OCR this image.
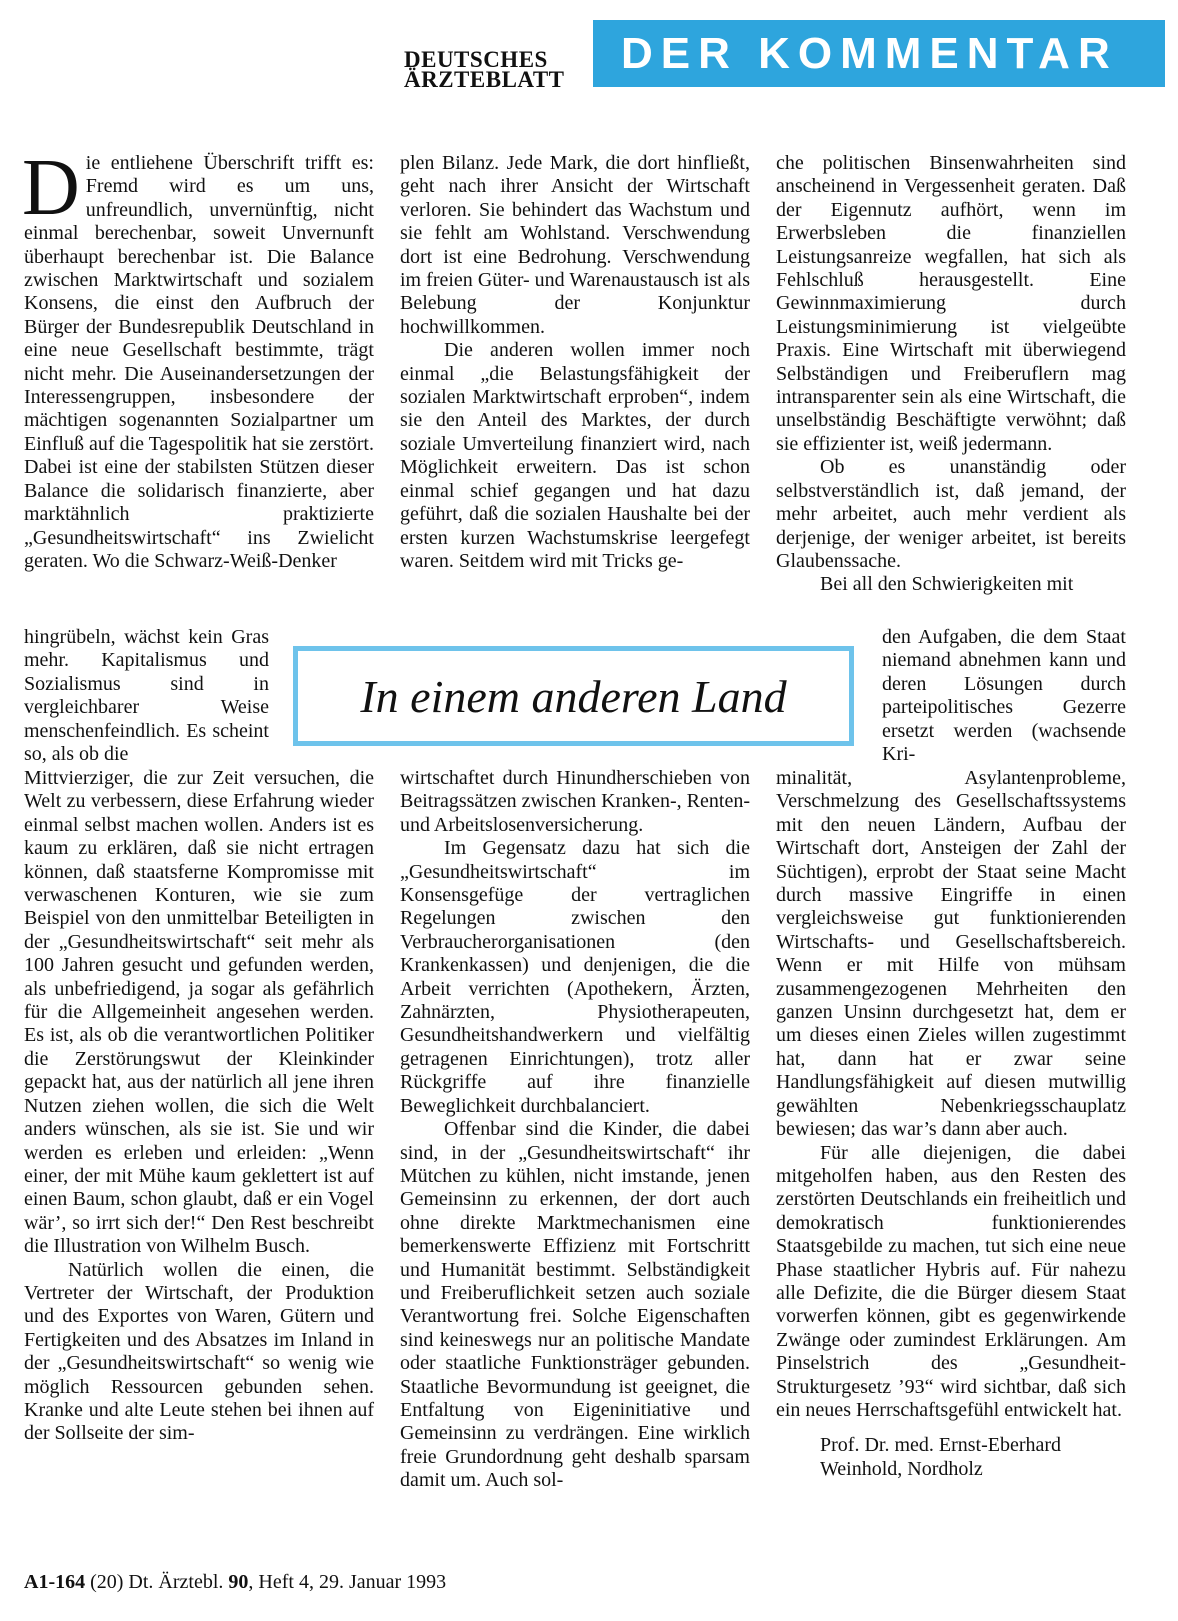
DEUTSCHES
ÄRZTEBLATT
DER KOMMENTAR

Die entliehene Überschrift trifft es: Fremd wird es um uns, unfreundlich, unvernünftig, nicht einmal berechenbar, soweit Unvernunft überhaupt berechenbar ist. Die Balance zwischen Marktwirtschaft und sozialem Konsens, die einst den Aufbruch der Bürger der Bundesrepublik Deutschland in eine neue Gesellschaft bestimmte, trägt nicht mehr. Die Auseinandersetzungen der Interessengruppen, insbesondere der mächtigen sogenannten Sozialpartner um Einfluß auf die Tagespolitik hat sie zerstört. Dabei ist eine der stabilsten Stützen dieser Balance die solidarisch finanzierte, aber marktähnlich praktizierte „Gesundheitswirtschaft“ ins Zwielicht geraten. Wo die Schwarz-Weiß-Denker

hingrübeln, wächst kein Gras mehr. Kapitalismus und Sozialismus sind in vergleichbarer Weise menschenfeindlich. Es scheint so, als ob die

Mittvierziger, die zur Zeit versuchen, die Welt zu verbessern, diese Erfahrung wieder einmal selbst machen wollen. Anders ist es kaum zu erklären, daß sie nicht ertragen können, daß staatsferne Kompromisse mit verwaschenen Konturen, wie sie zum Beispiel von den unmittelbar Beteiligten in der „Gesundheitswirtschaft“ seit mehr als 100 Jahren gesucht und gefunden werden, als unbefriedigend, ja sogar als gefährlich für die Allgemeinheit angesehen werden. Es ist, als ob die verantwortlichen Politiker die Zerstörungswut der Kleinkinder gepackt hat, aus der natürlich all jene ihren Nutzen ziehen wollen, die sich die Welt anders wünschen, als sie ist. Sie und wir werden es erleben und erleiden: „Wenn einer, der mit Mühe kaum geklettert ist auf einen Baum, schon glaubt, daß er ein Vogel wär’, so irrt sich der!“ Den Rest beschreibt die Illustration von Wilhelm Busch.

Natürlich wollen die einen, die Vertreter der Wirtschaft, der Produktion und des Exportes von Waren, Gütern und Fertigkeiten und des Absatzes im Inland in der „Gesundheitswirtschaft“ so wenig wie möglich Ressourcen gebunden sehen. Kranke und alte Leute stehen bei ihnen auf der Sollseite der sim-

plen Bilanz. Jede Mark, die dort hinfließt, geht nach ihrer Ansicht der Wirtschaft verloren. Sie behindert das Wachstum und sie fehlt am Wohlstand. Verschwendung dort ist eine Bedrohung. Verschwendung im freien Güter- und Warenaustausch ist als Belebung der Konjunktur hochwillkommen.

Die anderen wollen immer noch einmal „die Belastungsfähigkeit der sozialen Marktwirtschaft erproben“, indem sie den Anteil des Marktes, der durch soziale Umverteilung finanziert wird, nach Möglichkeit erweitern. Das ist schon einmal schief gegangen und hat dazu geführt, daß die sozialen Haushalte bei der ersten kurzen Wachstumskrise leergefegt waren. Seitdem wird mit Tricks ge-

wirtschaftet durch Hinundherschieben von Beitragssätzen zwischen Kranken-, Renten- und Arbeitslosenversicherung.

Im Gegensatz dazu hat sich die „Gesundheitswirtschaft“ im Konsensgefüge der vertraglichen Regelungen zwischen den Verbraucherorganisationen (den Krankenkassen) und denjenigen, die die Arbeit verrichten (Apothekern, Ärzten, Zahnärzten, Physiotherapeuten, Gesundheitshandwerkern und vielfältig getragenen Einrichtungen), trotz aller Rückgriffe auf ihre finanzielle Beweglichkeit durchbalanciert.

Offenbar sind die Kinder, die dabei sind, in der „Gesundheitswirtschaft“ ihr Mütchen zu kühlen, nicht imstande, jenen Gemeinsinn zu erkennen, der dort auch ohne direkte Marktmechanismen eine bemerkenswerte Effizienz mit Fortschritt und Humanität bestimmt. Selbständigkeit und Freiberuflichkeit setzen auch soziale Verantwortung frei. Solche Eigenschaften sind keineswegs nur an politische Mandate oder staatliche Funktionsträger gebunden. Staatliche Bevormundung ist geeignet, die Entfaltung von Eigeninitiative und Gemeinsinn zu verdrängen. Eine wirklich freie Grundordnung geht deshalb sparsam damit um. Auch sol-

che politischen Binsenwahrheiten sind anscheinend in Vergessenheit geraten. Daß der Eigennutz aufhört, wenn im Erwerbsleben die finanziellen Leistungsanreize wegfallen, hat sich als Fehlschluß herausgestellt. Eine Gewinnmaximierung durch Leistungsminimierung ist vielgeübte Praxis. Eine Wirtschaft mit überwiegend Selbständigen und Freiberuflern mag intransparenter sein als eine Wirtschaft, die unselbständig Beschäftigte verwöhnt; daß sie effizienter ist, weiß jedermann.

Ob es unanständig oder selbstverständlich ist, daß jemand, der mehr arbeitet, auch mehr verdient als derjenige, der weniger arbeitet, ist bereits Glaubenssache.

Bei all den Schwierigkeiten mit

den Aufgaben, die dem Staat niemand abnehmen kann und deren Lösungen durch parteipolitisches Gezerre ersetzt werden (wachsende Kri-

minalität, Asylantenprobleme, Verschmelzung des Gesellschaftssystems mit den neuen Ländern, Aufbau der Wirtschaft dort, Ansteigen der Zahl der Süchtigen), erprobt der Staat seine Macht durch massive Eingriffe in einen vergleichsweise gut funktionierenden Wirtschafts- und Gesellschaftsbereich. Wenn er mit Hilfe von mühsam zusammengezogenen Mehrheiten den ganzen Unsinn durchgesetzt hat, dem er um dieses einen Zieles willen zugestimmt hat, dann hat er zwar seine Handlungsfähigkeit auf diesen mutwillig gewählten Nebenkriegsschauplatz bewiesen; das war’s dann aber auch.

Für alle diejenigen, die dabei mitgeholfen haben, aus den Resten des zerstörten Deutschlands ein freiheitlich und demokratisch funktionierendes Staatsgebilde zu machen, tut sich eine neue Phase staatlicher Hybris auf. Für nahezu alle Defizite, die die Bürger diesem Staat vorwerfen können, gibt es gegenwirkende Zwänge oder zumindest Erklärungen. Am Pinselstrich des „Gesundheit-Strukturgesetz ’93“ wird sichtbar, daß sich ein neues Herrschaftsgefühl entwickelt hat.

Prof. Dr. med. Ernst-Eberhard

Weinhold, Nordholz

In einem anderen Land
A1-164 (20) Dt. Ärztebl. 90, Heft 4, 29. Januar 1993
